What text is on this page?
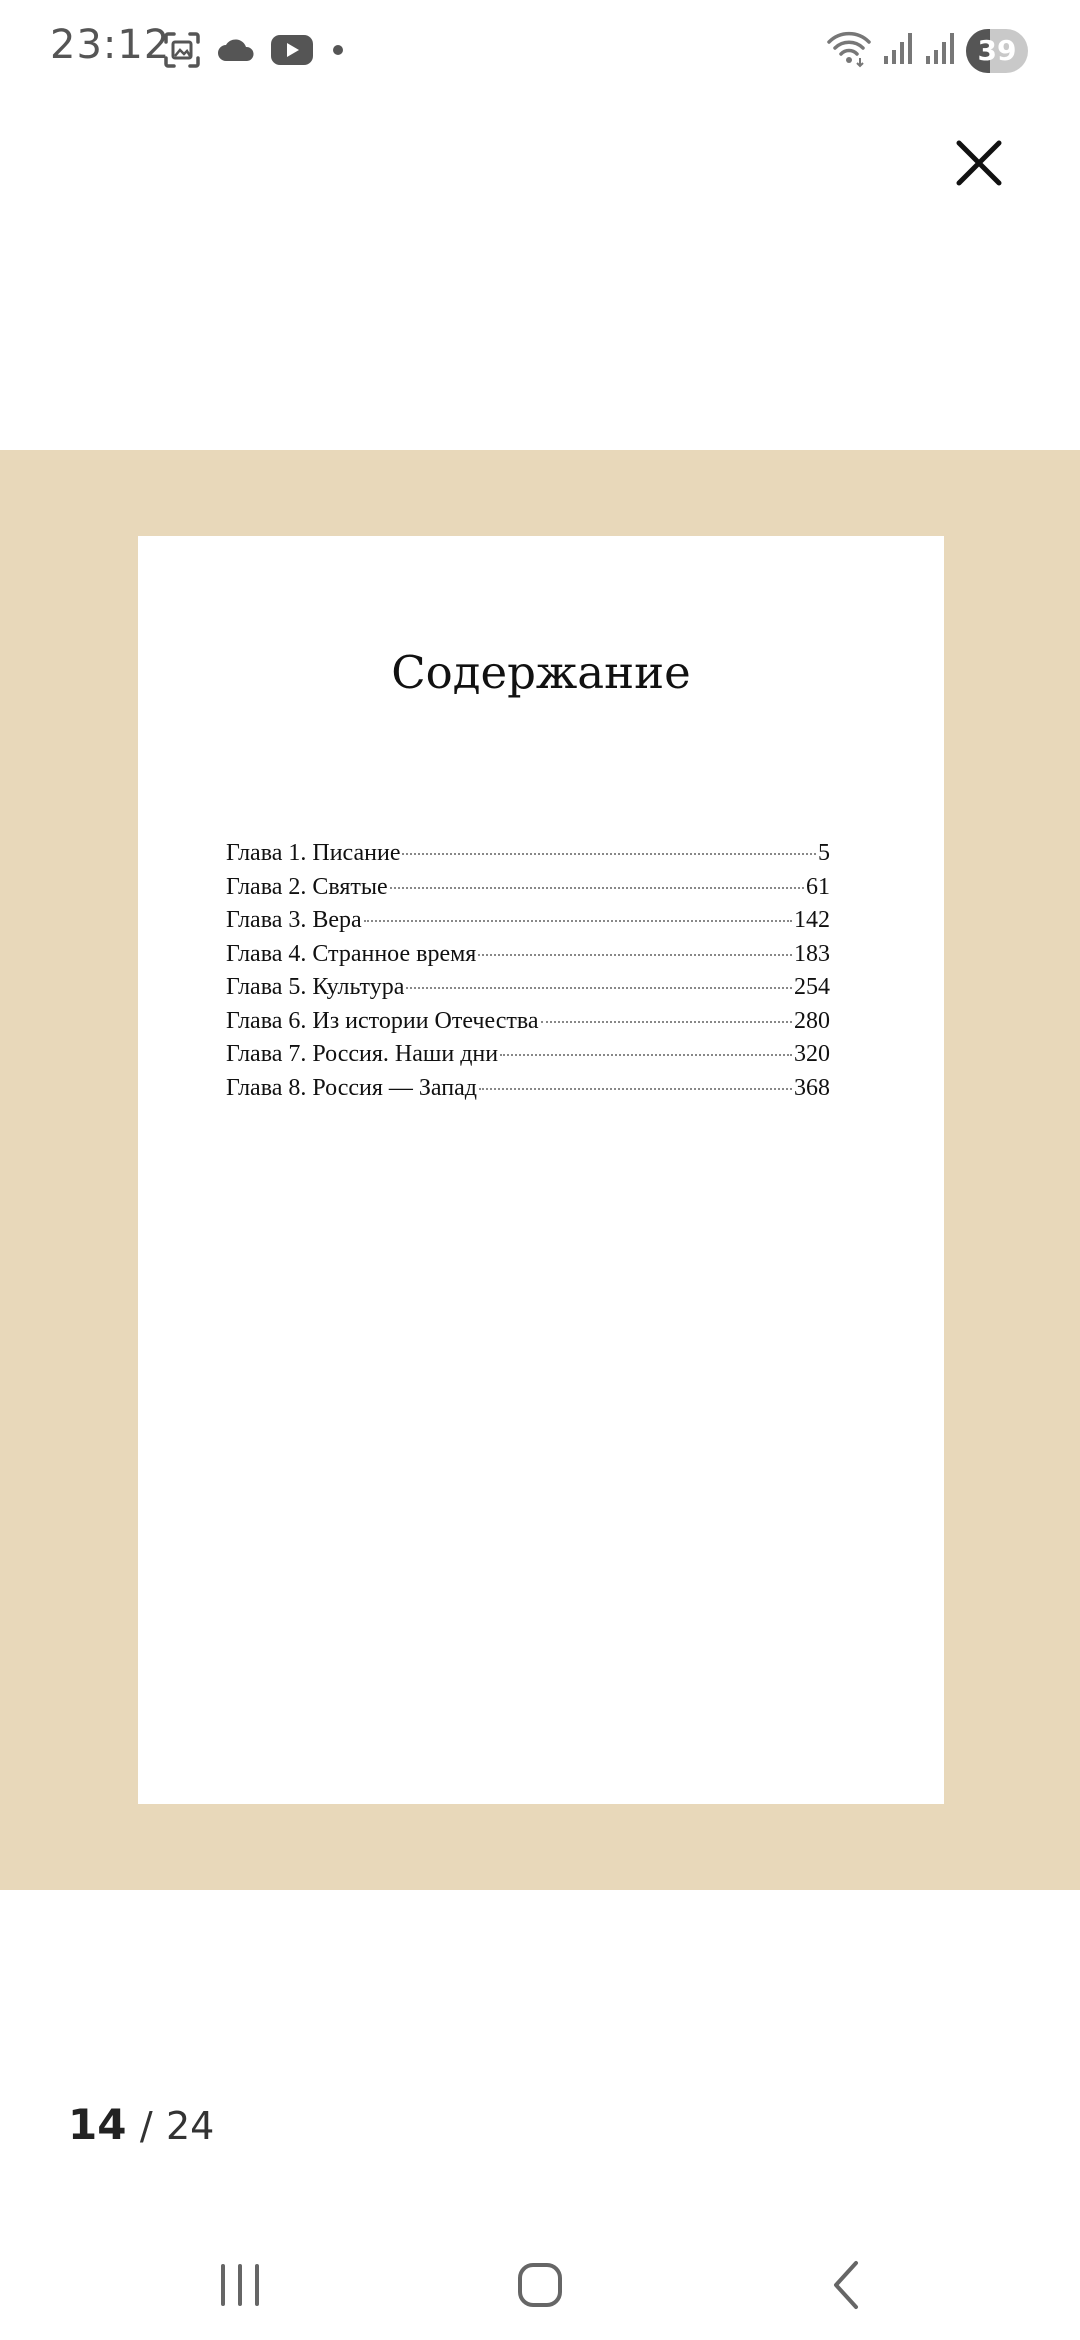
23:12	39
Содержание
Глава 1. Писание	5
Глава 2. Святые	61
Глава 3. Вера	142
Глава 4. Странное время	183
Глава 5. Культура	254
Глава 6. Из истории Отечества	280
Глава 7. Россия. Наши дни	320
Глава 8. Россия — Запад	368
14 / 24
